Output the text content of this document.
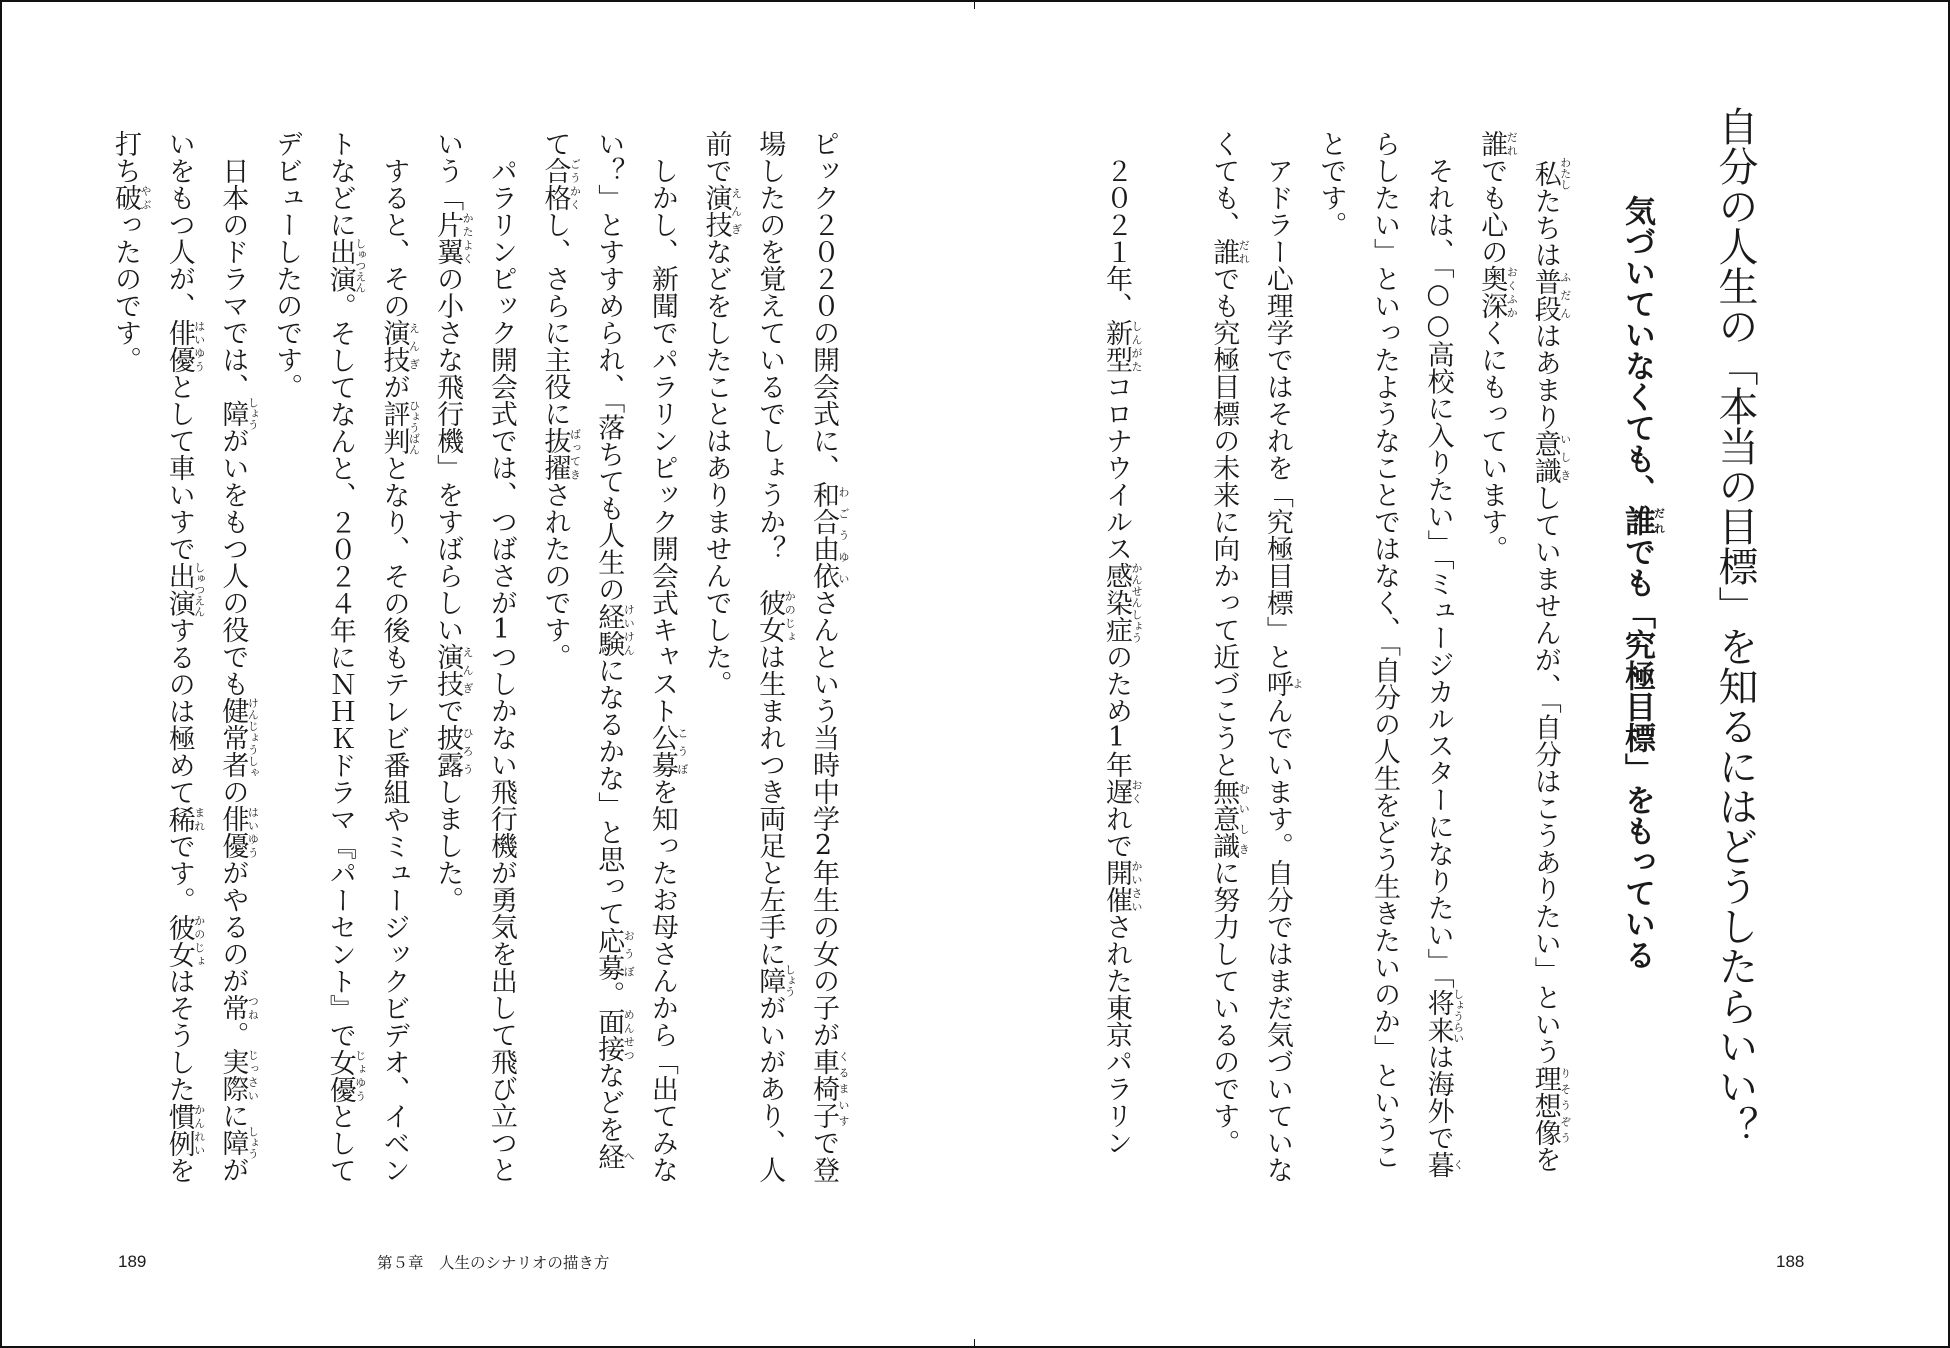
自分の人生の「本当の目標」を知るにはどうしたらいい？
気づいていなくても、誰だれでも「究極目標」をもっている
私わたしたちは普段ふだんはあまり意識いしきしていませんが、「自分はこうありたい」という理想像りそうぞうを
誰だれでも心の奥深おくふかくにもっています。
それは、「○○高校に入りたい」「ミュージカルスターになりたい」「将来しょうらいは海外で暮く
らしたい」といったようなことではなく、「自分の人生をどう生きたいのか」というこ
とです。
アドラー心理学ではそれを「究極目標」と呼よんでいます。自分ではまだ気づいていな
くても、誰だれでも究極目標の未来に向かって近づこうと無意識むいしきに努力しているのです。
２０２１年、新型しんがたコロナウイルス感染症かんせんしょうのため1年遅おくれで開催かいさいされた東京パラリン
188
ピック２０２０の開会式に、和合由依わごうゆいさんという当時中学2年生の女の子が車椅子くるまいすで登
場したのを覚えているでしょうか？　彼女かのじょは生まれつき両足と左手に障しょうがいがあり、人
前で演技えんぎなどをしたことはありませんでした。
しかし、新聞でパラリンピック開会式キャスト公募こうぼを知ったお母さんから「出てみな
い？」とすすめられ、「落ちても人生の経験けいけんになるかな」と思って応募おうぼ。面接めんせつなどを経へ
て合格ごうかくし、さらに主役に抜擢ばってきされたのです。
パラリンピック開会式では、つばさが1つしかない飛行機が勇気を出して飛び立つと
いう「片翼かたよくの小さな飛行機」をすばらしい演技えんぎで披露ひろうしました。
すると、その演技えんぎが評判ひょうばんとなり、その後もテレビ番組やミュージックビデオ、イベン
トなどに出演しゅつえん。そしてなんと、２０２４年にＮＨＫドラマ『パーセント』で女優じょゆうとして
デビューしたのです。
日本のドラマでは、障しょうがいをもつ人の役でも健常者けんじょうしゃの俳優はいゆうがやるのが常つね。実際じっさいに障しょうが
いをもつ人が、俳優はいゆうとして車いすで出演しゅつえんするのは極めて稀まれです。彼女かのじょはそうした慣例かんれいを
打ち破やぶったのです。
189	第５章　人生のシナリオの描き方
